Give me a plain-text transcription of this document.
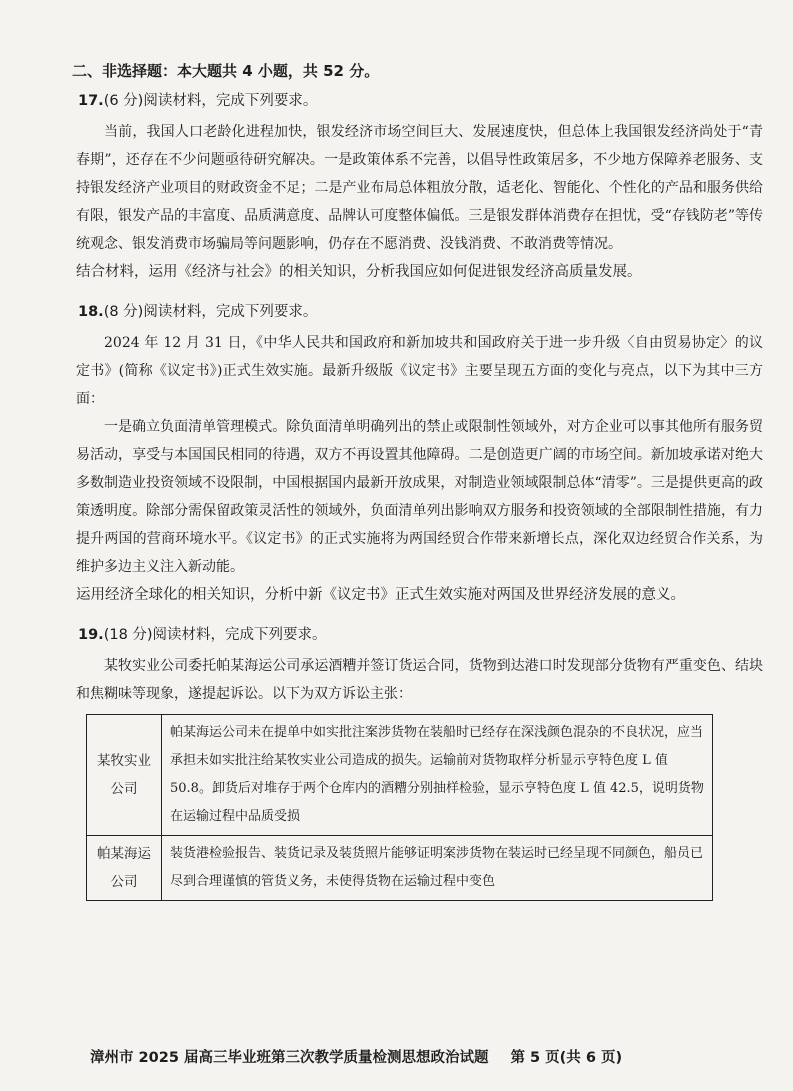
二、非选择题：本大题共 4 小题，共 52 分。
17.(6 分)阅读材料，完成下列要求。

当前，我国人口老龄化进程加快，银发经济市场空间巨大、发展速度快，但总体上我国银发经济尚处于“青春期”，还存在不少问题亟待研究解决。一是政策体系不完善，以倡导性政策居多，不少地方保障养老服务、支持银发经济产业项目的财政资金不足；二是产业布局总体粗放分散，适老化、智能化、个性化的产品和服务供给有限，银发产品的丰富度、品质满意度、品牌认可度整体偏低。三是银发群体消费存在担忧，受“存钱防老”等传统观念、银发消费市场骗局等问题影响，仍存在不愿消费、没钱消费、不敢消费等情况。

结合材料，运用《经济与社会》的相关知识，分析我国应如何促进银发经济高质量发展。

18.(8 分)阅读材料，完成下列要求。

2024 年 12 月 31 日，《中华人民共和国政府和新加坡共和国政府关于进一步升级〈自由贸易协定〉的议定书》(简称《议定书》)正式生效实施。最新升级版《议定书》主要呈现五方面的变化与亮点，以下为其中三方面：

一是确立负面清单管理模式。除负面清单明确列出的禁止或限制性领域外，对方企业可以事其他所有服务贸易活动，享受与本国国民相同的待遇，双方不再设置其他障碍。二是创造更广阔的市场空间。新加坡承诺对绝大多数制造业投资领域不设限制，中国根据国内最新开放成果，对制造业领域限制总体“清零”。三是提供更高的政策透明度。除部分需保留政策灵活性的领域外，负面清单列出影响双方服务和投资领域的全部限制性措施，有力提升两国的营商环境水平。《议定书》的正式实施将为两国经贸合作带来新增长点，深化双边经贸合作关系，为维护多边主义注入新动能。

运用经济全球化的相关知识，分析中新《议定书》正式生效实施对两国及世界经济发展的意义。

19.(18 分)阅读材料，完成下列要求。

某牧实业公司委托帕某海运公司承运酒糟并签订货运合同，货物到达港口时发现部分货物有严重变色、结块和焦糊味等现象，遂提起诉讼。以下为双方诉讼主张：

某牧实业公司	帕某海运公司未在提单中如实批注案涉货物在装船时已经存在深浅颜色混杂的不良状况，应当承担未如实批注给某牧实业公司造成的损失。运输前对货物取样分析显示亨特色度 L 值 50.8。卸货后对堆存于两个仓库内的酒糟分别抽样检验，显示亨特色度 L 值 42.5，说明货物在运输过程中品质受损
帕某海运公司	装货港检验报告、装货记录及装货照片能够证明案涉货物在装运时已经呈现不同颜色，船员已尽到合理谨慎的管货义务，未使得货物在运输过程中变色
漳州市 2025 届高三毕业班第三次教学质量检测思想政治试题 第 5 页(共 6 页)
